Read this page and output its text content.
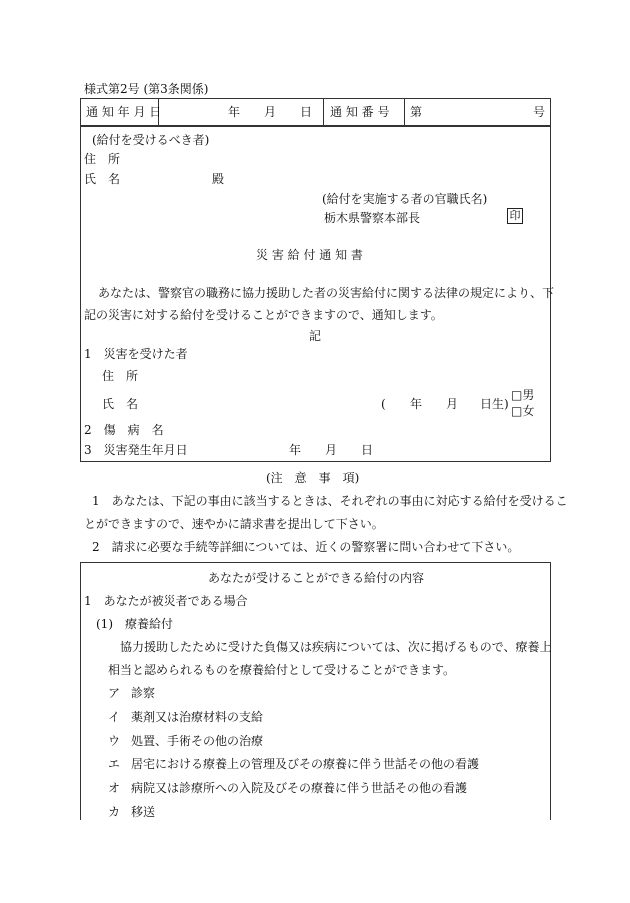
様式第2号 (第3条関係)
通 知 年 月 日	年　　月　　日 通 知 番 号 第	号
(給付を受けるべき者)
住　所
氏　名	殿
(給付を実施する者の官職氏名)
栃木県警察本部長	印
災 害 給 付 通 知 書
あなたは、警察官の職務に協力援助した者の災害給付に関する法律の規定により、下
記の災害に対する給付を受けることができますので、通知します。
記
1　災害を受けた者
住　所
氏　名	( 年 月 日生)
□男
□女
2　傷　病　名
3　災害発生年月日	年　　月　　日
(注　意　事　項)
1　あなたは、下記の事由に該当するときは、それぞれの事由に対応する給付を受けるこ
とができますので、速やかに請求書を提出して下さい。
2　請求に必要な手続等詳細については、近くの警察署に問い合わせて下さい。
あなたが受けることができる給付の内容
1　あなたが被災者である場合
(1)　療養給付
協力援助したために受けた負傷又は疾病については、次に掲げるもので、療養上
相当と認められるものを療養給付として受けることができます。
ア 診察
イ 薬剤又は治療材料の支給
ウ 処置、手術その他の治療
エ 居宅における療養上の管理及びその療養に伴う世話その他の看護
オ 病院又は診療所への入院及びその療養に伴う世話その他の看護
カ 移送
